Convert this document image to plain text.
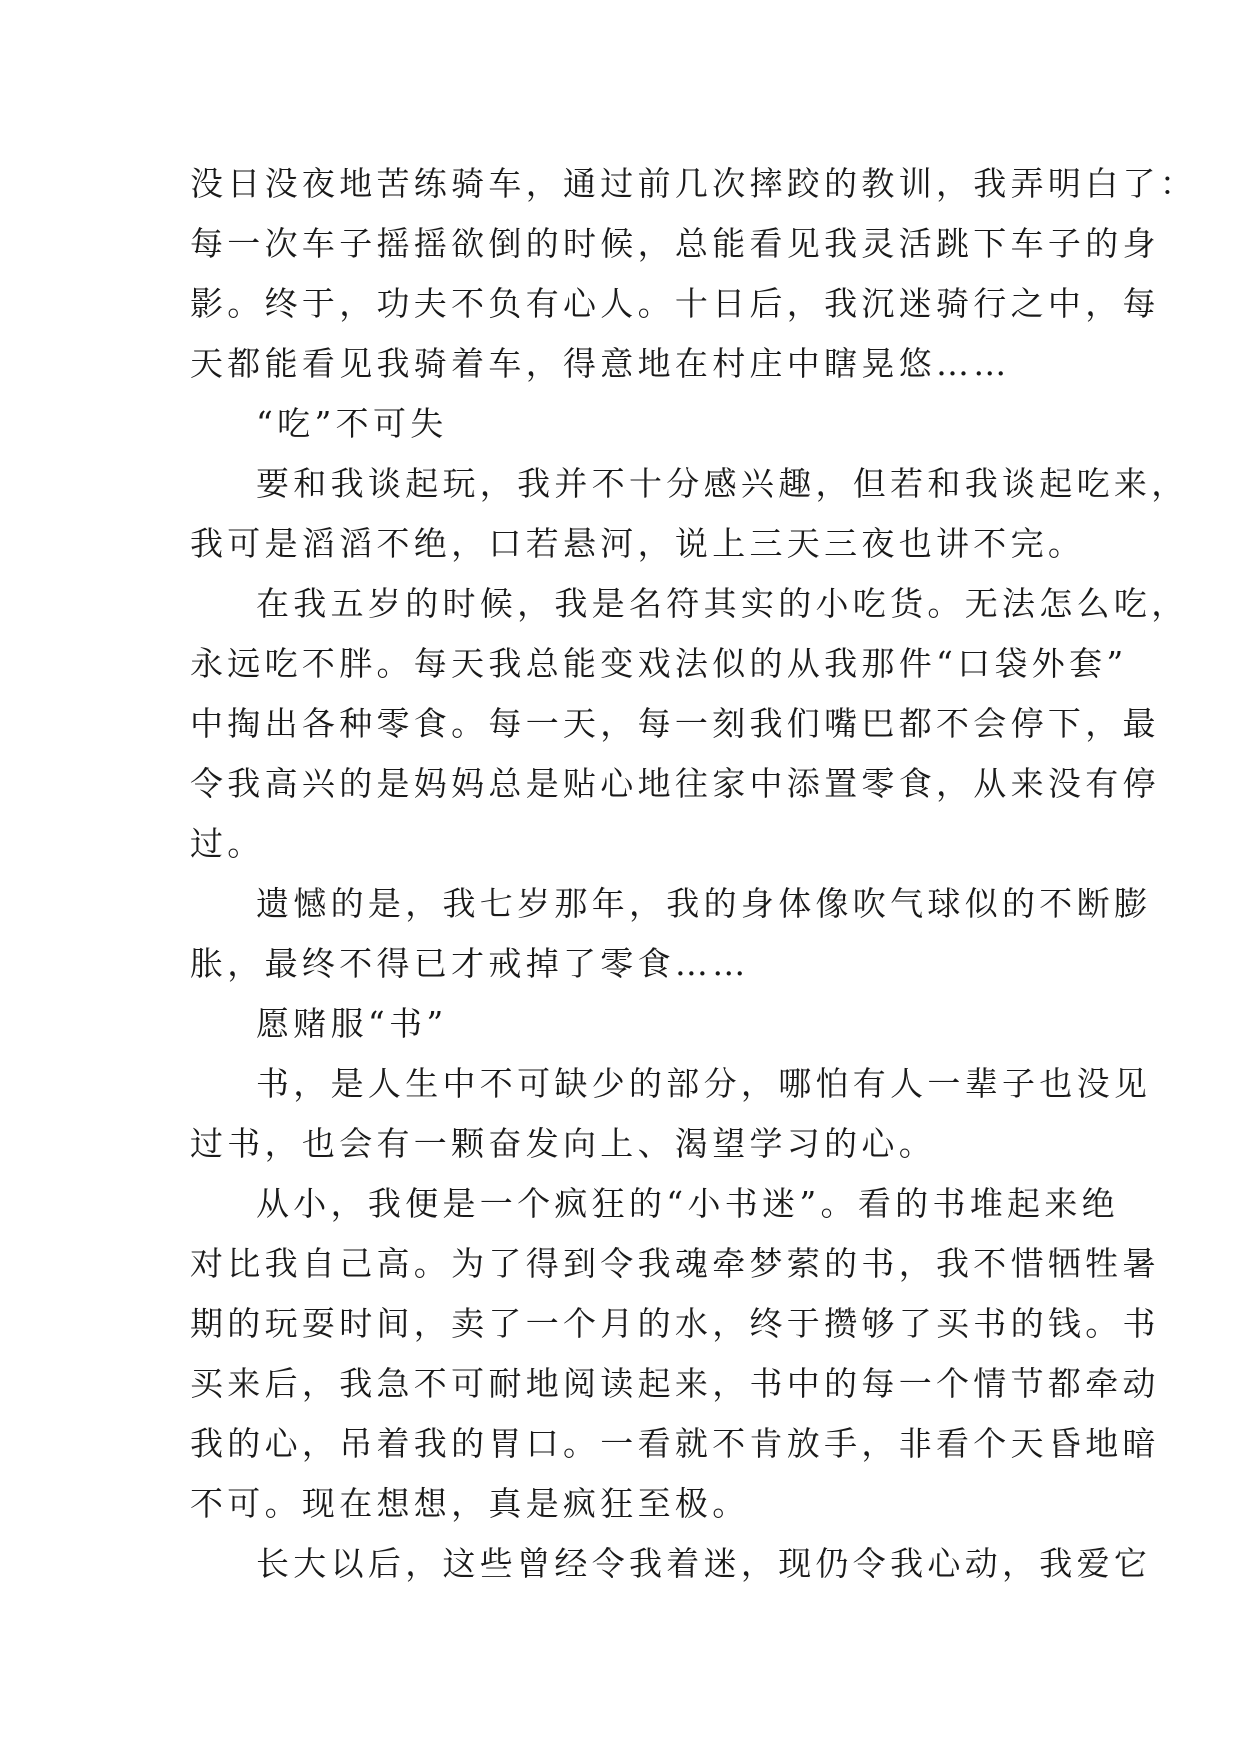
没日没夜地苦练骑车，通过前几次摔跤的教训，我弄明白了：

每一次车子摇摇欲倒的时候，总能看见我灵活跳下车子的身

影。终于，功夫不负有心人。十日后，我沉迷骑行之中，每

天都能看见我骑着车，得意地在村庄中瞎晃悠……

“吃”不可失

要和我谈起玩，我并不十分感兴趣，但若和我谈起吃来，

我可是滔滔不绝，口若悬河，说上三天三夜也讲不完。

在我五岁的时候，我是名符其实的小吃货。无法怎么吃，

永远吃不胖。每天我总能变戏法似的从我那件“口袋外套”

中掏出各种零食。每一天，每一刻我们嘴巴都不会停下，最

令我高兴的是妈妈总是贴心地往家中添置零食，从来没有停

过。

遗憾的是，我七岁那年，我的身体像吹气球似的不断膨

胀，最终不得已才戒掉了零食……

愿赌服“书”

书，是人生中不可缺少的部分，哪怕有人一辈子也没见

过书，也会有一颗奋发向上、渴望学习的心。

从小，我便是一个疯狂的“小书迷”。看的书堆起来绝

对比我自己高。为了得到令我魂牵梦萦的书，我不惜牺牲暑

期的玩耍时间，卖了一个月的水，终于攒够了买书的钱。书

买来后，我急不可耐地阅读起来，书中的每一个情节都牵动

我的心，吊着我的胃口。一看就不肯放手，非看个天昏地暗

不可。现在想想，真是疯狂至极。

长大以后，这些曾经令我着迷，现仍令我心动，我爱它
